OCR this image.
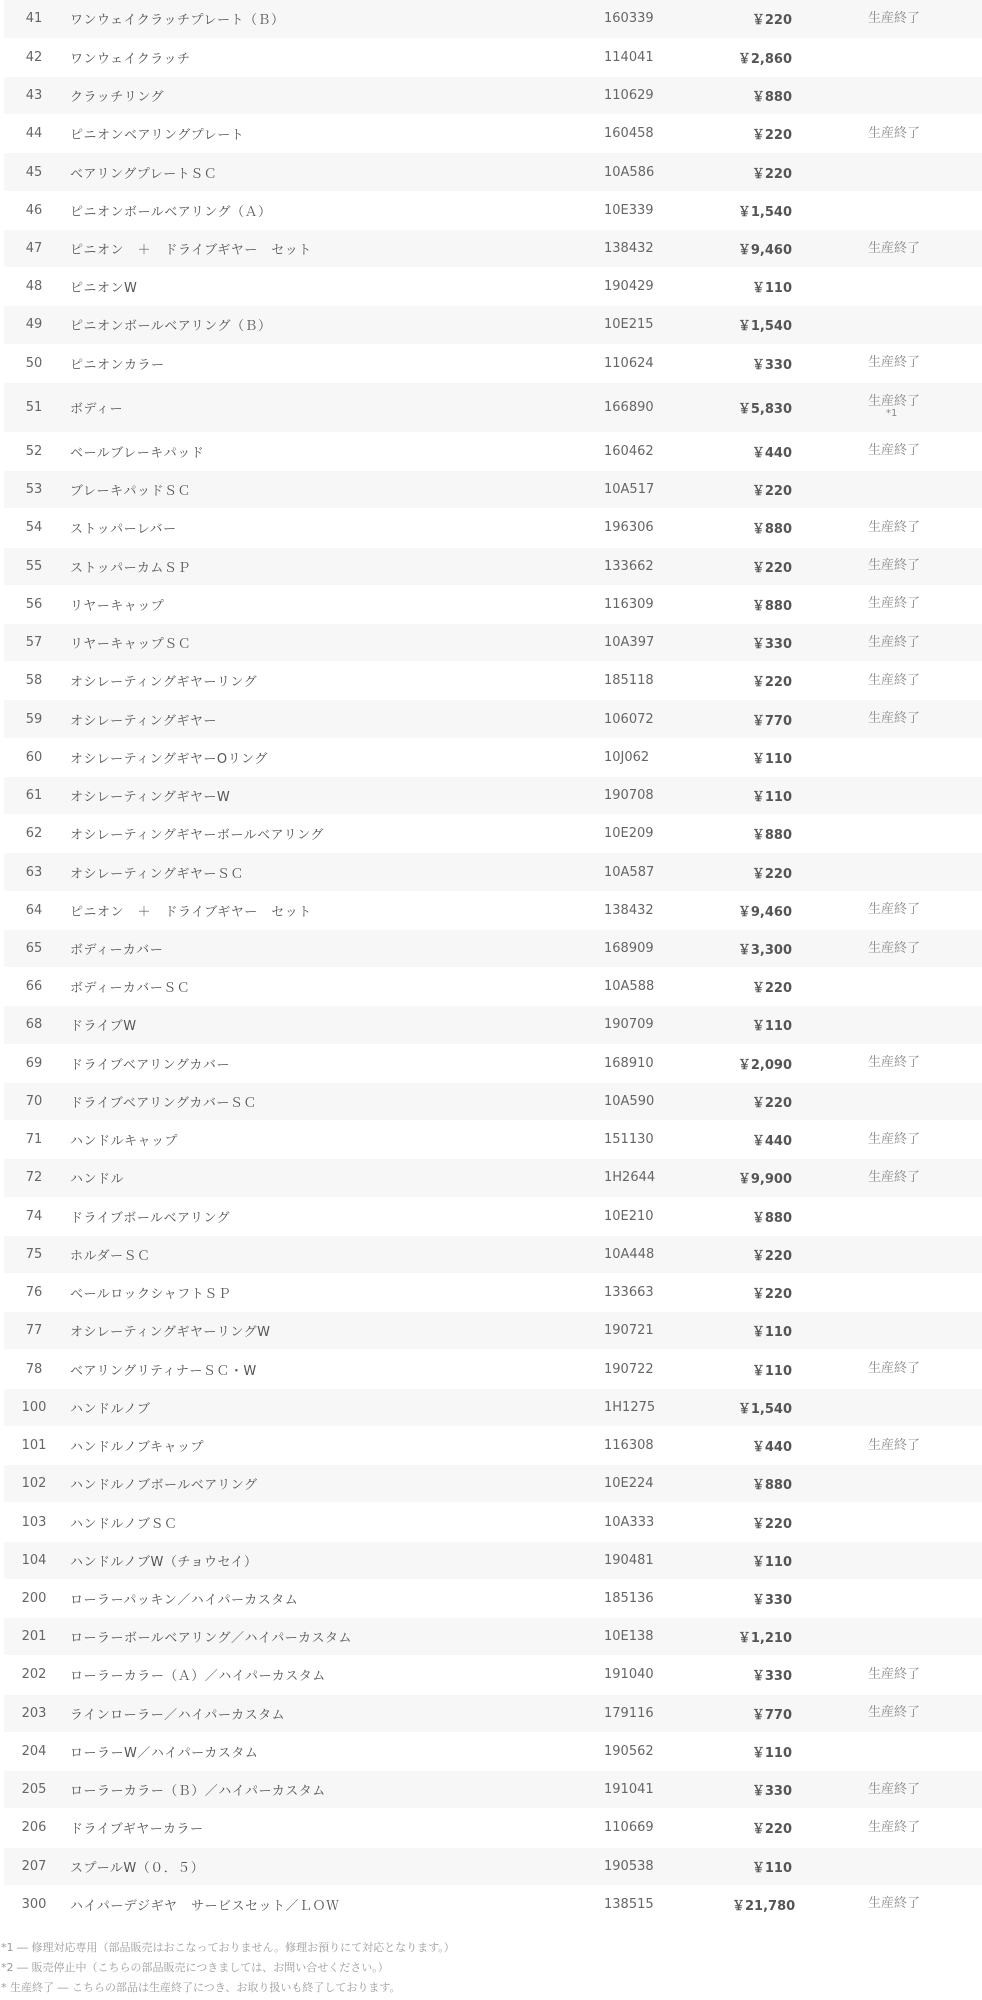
41	ワンウェイクラッチプレート（Ｂ）	160339	￥220	生産終了
42	ワンウェイクラッチ	114041	￥2,860	
43	クラッチリング	110629	￥880	
44	ピニオンベアリングプレート	160458	￥220	生産終了
45	ベアリングプレートＳＣ	10A586	￥220	
46	ピニオンボールベアリング（Ａ）	10E339	￥1,540	
47	ピニオン　＋　ドライブギヤー　セット	138432	￥9,460	生産終了
48	ピニオンW	190429	￥110	
49	ピニオンボールベアリング（Ｂ）	10E215	￥1,540	
50	ピニオンカラー	110624	￥330	生産終了
51	ボディー	166890	￥5,830	生産終了
*1

52	ベールブレーキパッド	160462	￥440	生産終了
53	ブレーキパッドＳＣ	10A517	￥220	
54	ストッパーレバー	196306	￥880	生産終了
55	ストッパーカムＳＰ	133662	￥220	生産終了
56	リヤーキャップ	116309	￥880	生産終了
57	リヤーキャップＳＣ	10A397	￥330	生産終了
58	オシレーティングギヤーリング	185118	￥220	生産終了
59	オシレーティングギヤー	106072	￥770	生産終了
60	オシレーティングギヤーOリング	10J062	￥110	
61	オシレーティングギヤーW	190708	￥110	
62	オシレーティングギヤーボールベアリング	10E209	￥880	
63	オシレーティングギヤーＳＣ	10A587	￥220	
64	ピニオン　＋　ドライブギヤー　セット	138432	￥9,460	生産終了
65	ボディーカバー	168909	￥3,300	生産終了
66	ボディーカバーＳＣ	10A588	￥220	
68	ドライブW	190709	￥110	
69	ドライブベアリングカバー	168910	￥2,090	生産終了
70	ドライブベアリングカバーＳＣ	10A590	￥220	
71	ハンドルキャップ	151130	￥440	生産終了
72	ハンドル	1H2644	￥9,900	生産終了
74	ドライブボールベアリング	10E210	￥880	
75	ホルダーＳＣ	10A448	￥220	
76	ベールロックシャフトＳＰ	133663	￥220	
77	オシレーティングギヤーリングW	190721	￥110	
78	ベアリングリティナーＳＣ・W	190722	￥110	生産終了
100	ハンドルノブ	1H1275	￥1,540	
101	ハンドルノブキャップ	116308	￥440	生産終了
102	ハンドルノブボールベアリング	10E224	￥880	
103	ハンドルノブＳＣ	10A333	￥220	
104	ハンドルノブW（チョウセイ）	190481	￥110	
200	ローラーパッキン／ハイパーカスタム	185136	￥330	
201	ローラーボールベアリング／ハイパーカスタム	10E138	￥1,210	
202	ローラーカラー（Ａ）／ハイパーカスタム	191040	￥330	生産終了
203	ラインローラー／ハイパーカスタム	179116	￥770	生産終了
204	ローラーW／ハイパーカスタム	190562	￥110	
205	ローラーカラー（Ｂ）／ハイパーカスタム	191041	￥330	生産終了
206	ドライブギヤーカラー	110669	￥220	生産終了
207	スプールW（０．５）	190538	￥110	
300	ハイパーデジギヤ　サービスセット／ＬＯＷ	138515	￥21,780	生産終了
*1 ― 修理対応専用（部品販売はおこなっておりません。修理お預りにて対応となります。）
*2 ― 販売停止中（こちらの部品販売につきましては、お問い合せください。）
* 生産終了 ― こちらの部品は生産終了につき、お取り扱いも終了しております。
